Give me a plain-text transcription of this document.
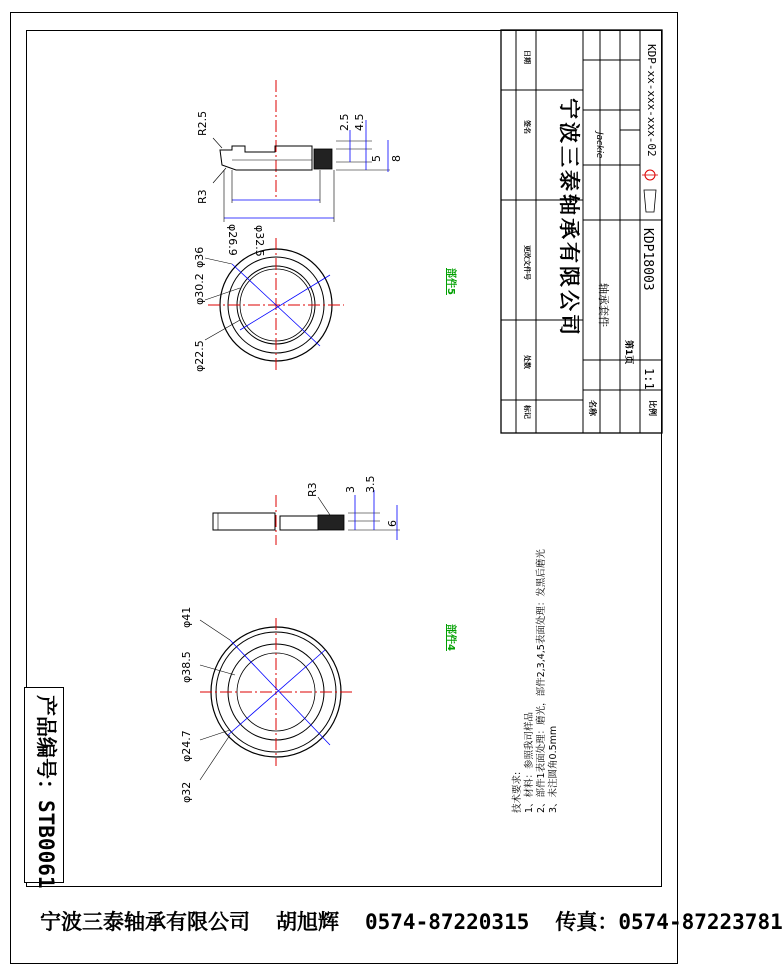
宁波三泰轴承有限公司	轴承套件
KDP18003
KDP-xx-xxx-xxx-02
1:1
第1页
Jackie
标记
处数
更改文件号
签名
日期
名称	比例
部件5
部件4
R2.5
R3
φ26.9 φ32.5
2.5 4.5
5 8
φ36
φ30.2
φ22.5
R3 3 3.5
6
φ41
φ38.5
φ24.7
φ32	技术要求: 1、材料：参照我司样品 2、部件1表面处理：磨光，部件2,3,4,5表面处理：发黑后磨光 3、未注圆角0.5mm
产品编号：STB0061
宁波三泰轴承有限公司 胡旭辉 0574-87220315 传真：0574-87223781
